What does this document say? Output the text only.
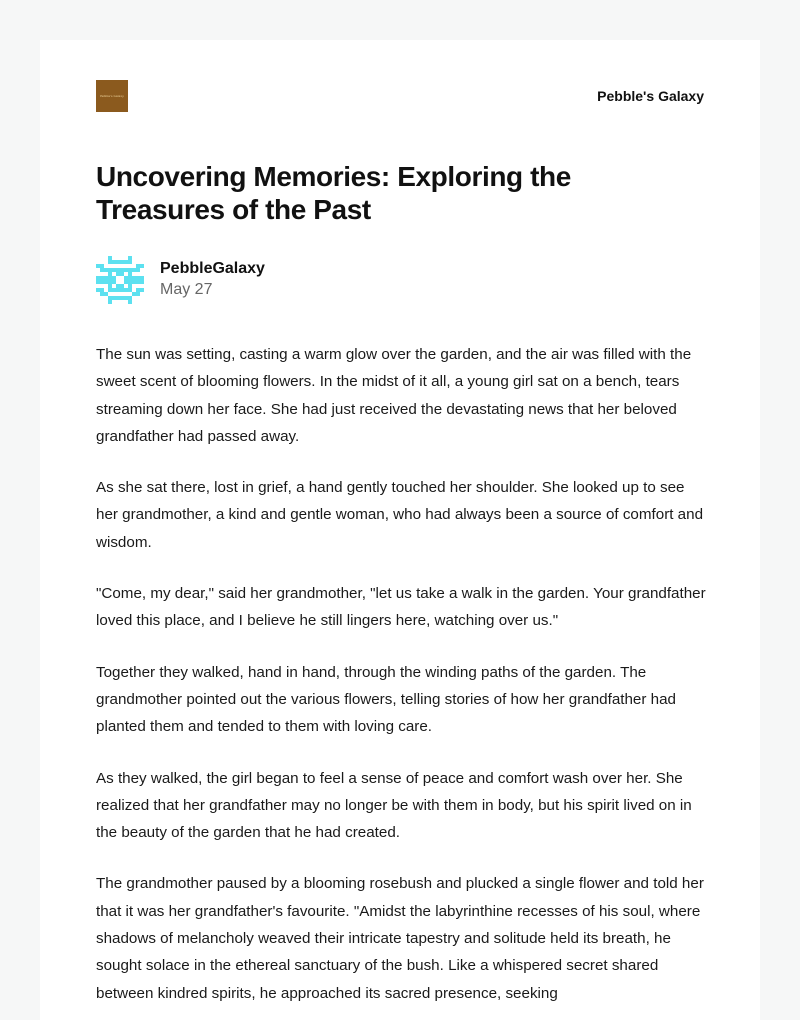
Pebble's Galaxy	Pebble's Galaxy
Uncovering Memories: Exploring the Treasures of the Past
PebbleGalaxy
May 27

The sun was setting, casting a warm glow over the garden, and the air was filled with the sweet scent of blooming flowers. In the midst of it all, a young girl sat on a bench, tears streaming down her face. She had just received the devastating news that her beloved grandfather had passed away.

As she sat there, lost in grief, a hand gently touched her shoulder. She looked up to see her grandmother, a kind and gentle woman, who had always been a source of comfort and wisdom.

"Come, my dear," said her grandmother, "let us take a walk in the garden. Your grandfather loved this place, and I believe he still lingers here, watching over us."

Together they walked, hand in hand, through the winding paths of the garden. The grandmother pointed out the various flowers, telling stories of how her grandfather had planted them and tended to them with loving care.

As they walked, the girl began to feel a sense of peace and comfort wash over her. She realized that her grandfather may no longer be with them in body, but his spirit lived on in the beauty of the garden that he had created.

The grandmother paused by a blooming rosebush and plucked a single flower and told her that it was her grandfather's favourite. "Amidst the labyrinthine recesses of his soul, where shadows of melancholy weaved their intricate tapestry and solitude held its breath, he sought solace in the ethereal sanctuary of the bush. Like a whispered secret shared between kindred spirits, he approached its sacred presence, seeking
